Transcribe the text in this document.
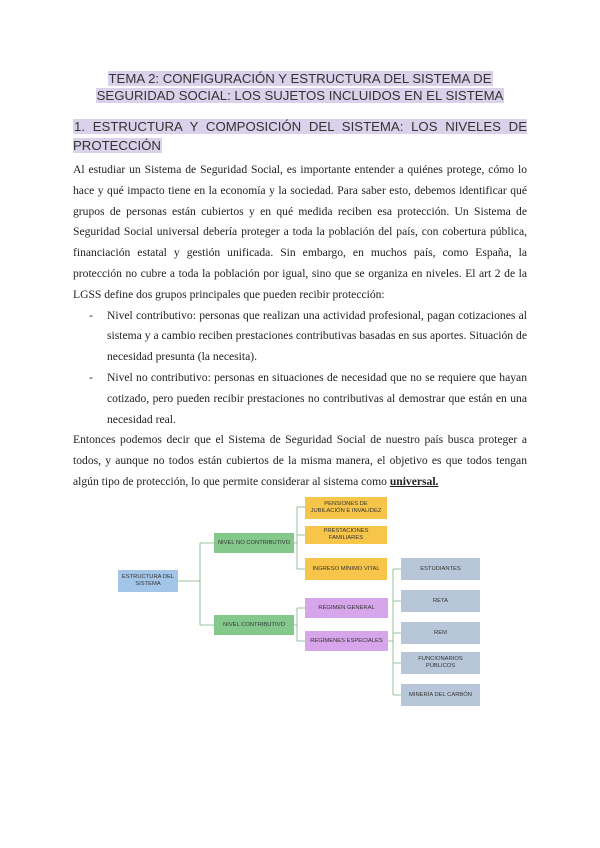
TEMA 2: CONFIGURACIÓN Y ESTRUCTURA DEL SISTEMA DE
SEGURIDAD SOCIAL: LOS SUJETOS INCLUIDOS EN EL SISTEMA
1. ESTRUCTURA Y COMPOSICIÓN DEL SISTEMA: LOS NIVELES DE PROTECCIÓN

Al estudiar un Sistema de Seguridad Social, es importante entender a quiénes protege, cómo lo hace y qué impacto tiene en la economía y la sociedad. Para saber esto, debemos identificar qué grupos de personas están cubiertos y en qué medida reciben esa protección. Un Sistema de Seguridad Social universal debería proteger a toda la población del país, con cobertura pública, financiación estatal y gestión unificada. Sin embargo, en muchos país, como España, la protección no cubre a toda la población por igual, sino que se organiza en niveles. El art 2 de la LGSS define dos grupos principales que pueden recibir protección:

- Nivel contributivo: personas que realizan una actividad profesional, pagan cotizaciones al sistema y a cambio reciben prestaciones contributivas basadas en sus aportes. Situación de necesidad presunta (la necesita).
- Nivel no contributivo: personas en situaciones de necesidad que no se requiere que hayan cotizado, pero pueden recibir prestaciones no contributivas al demostrar que están en una necesidad real.

Entonces podemos decir que el Sistema de Seguridad Social de nuestro país busca proteger a todos, y aunque no todos están cubiertos de la misma manera, el objetivo es que todos tengan algún tipo de protección, lo que permite considerar al sistema como universal.

ESTRUCTURA DEL SISTEMA
NIVEL NO CONTRIBUTIVO
NIVEL CONTRIBUTIVO
PENSIONES DE JUBILACIÓN E INVALIDEZ
PRESTACIONES FAMILIARES
INGRESO MÍNIMO VITAL
RÉGIMEN GENERAL
REGÍMENES ESPECIALES
ESTUDIANTES
RETA
REM
FUNCIONARIOS PÚBLICOS
MINERÍA DEL CARBÓN
